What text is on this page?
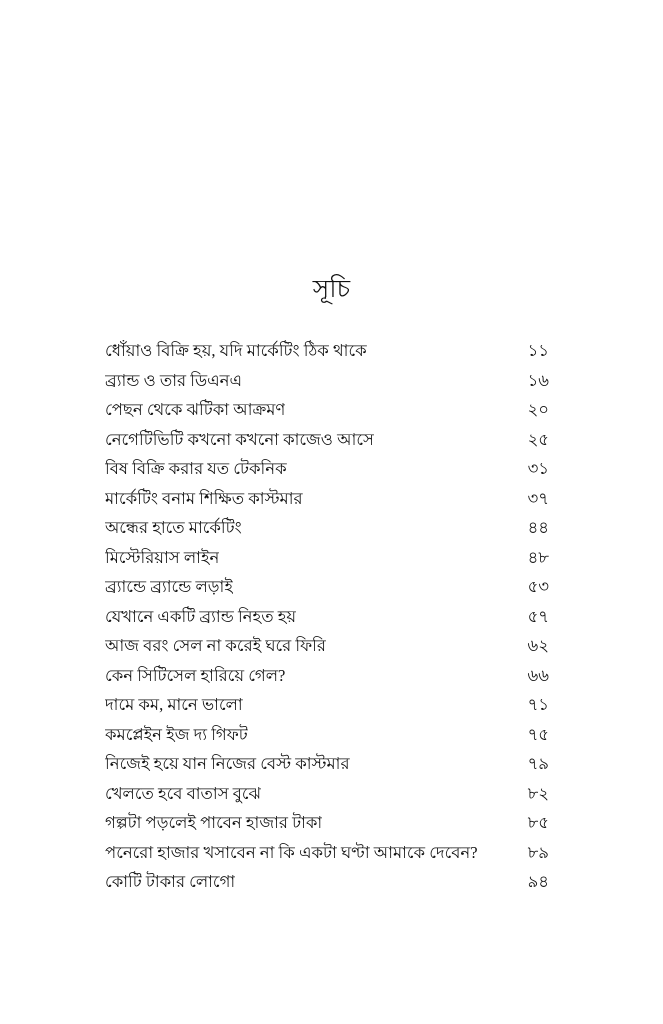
সূচি
ধোঁয়াও বিক্রি হয়, যদি মার্কেটিং ঠিক থাকে	১১
ব্র্যান্ড ও তার ডিএনএ	১৬
পেছন থেকে ঝটিকা আক্রমণ	২০
নেগেটিভিটি কখনো কখনো কাজেও আসে	২৫
বিষ বিক্রি করার যত টেকনিক	৩১
মার্কেটিং বনাম শিক্ষিত কাস্টমার	৩৭
অন্ধের হাতে মার্কেটিং	৪৪
মিস্টেরিয়াস লাইন	৪৮
ব্র্যান্ডে ব্র্যান্ডে লড়াই	৫৩
যেখানে একটি ব্র্যান্ড নিহত হয়	৫৭
আজ বরং সেল না করেই ঘরে ফিরি	৬২
কেন সিটিসেল হারিয়ে গেল?	৬৬
দামে কম, মানে ভালো	৭১
কমপ্লেইন ইজ দ্য গিফট	৭৫
নিজেই হয়ে যান নিজের বেস্ট কাস্টমার	৭৯
খেলতে হবে বাতাস বুঝে	৮২
গল্পটা পড়লেই পাবেন হাজার টাকা	৮৫
পনেরো হাজার খসাবেন না কি একটা ঘণ্টা আমাকে দেবেন?	৮৯
কোটি টাকার লোগো	৯৪
